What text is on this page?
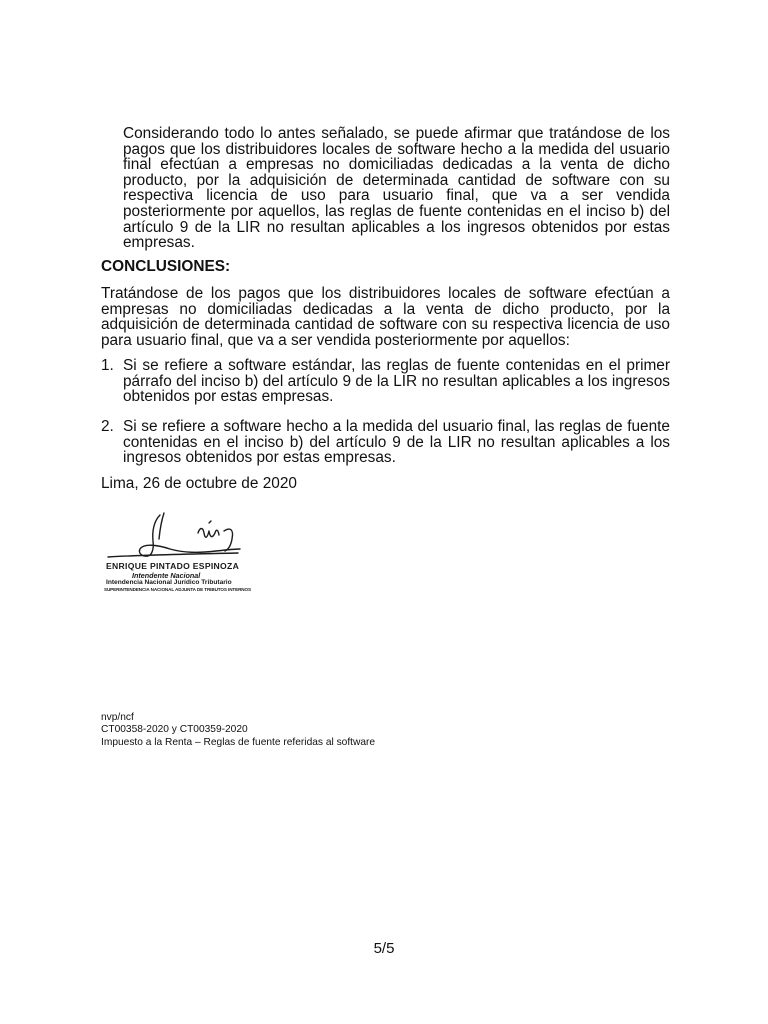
Considerando todo lo antes señalado, se puede afirmar que tratándose de los pagos que los distribuidores locales de software hecho a la medida del usuario final efectúan a empresas no domiciliadas dedicadas a la venta de dicho producto, por la adquisición de determinada cantidad de software con su respectiva licencia de uso para usuario final, que va a ser vendida posteriormente por aquellos, las reglas de fuente contenidas en el inciso b) del artículo 9 de la LIR no resultan aplicables a los ingresos obtenidos por estas empresas.

CONCLUSIONES:

Tratándose de los pagos que los distribuidores locales de software efectúan a empresas no domiciliadas dedicadas a la venta de dicho producto, por la adquisición de determinada cantidad de software con su respectiva licencia de uso para usuario final, que va a ser vendida posteriormente por aquellos:

1. Si se refiere a software estándar, las reglas de fuente contenidas en el primer párrafo del inciso b) del artículo 9 de la LIR no resultan aplicables a los ingresos obtenidos por estas empresas.

2. Si se refiere a software hecho a la medida del usuario final, las reglas de fuente contenidas en el inciso b) del artículo 9 de la LIR no resultan aplicables a los ingresos obtenidos por estas empresas.

Lima, 26 de octubre de 2020

ENRIQUE PINTADO ESPINOZA
Intendente Nacional
Intendencia Nacional Jurídico Tributario
SUPERINTENDENCIA NACIONAL ADJUNTA DE TRIBUTOS INTERNOS
nvp/ncf
CT00358-2020 y CT00359-2020
Impuesto a la Renta – Reglas de fuente referidas al software

5/5
